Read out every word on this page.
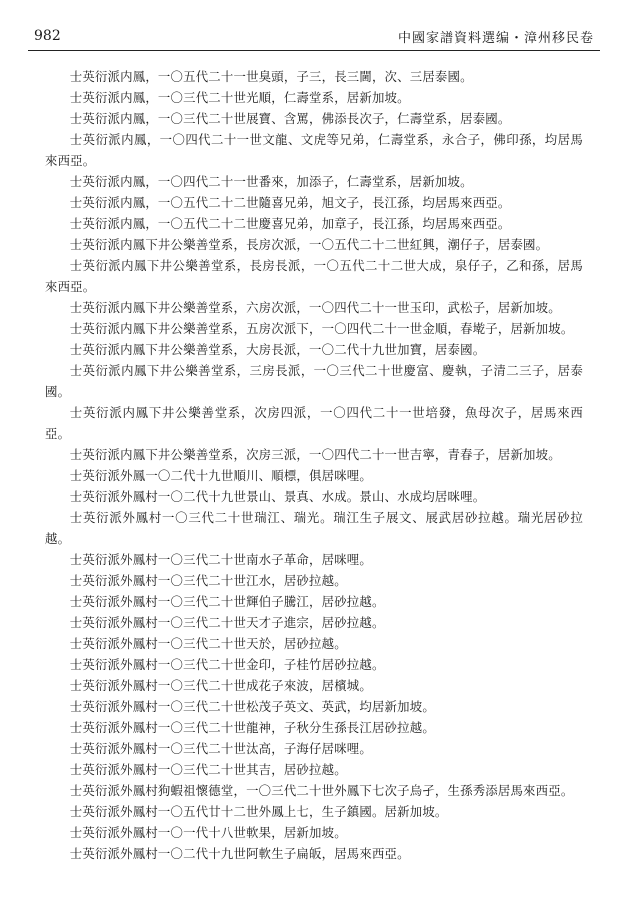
982	中國家譜資料選编・漳州移民卷

士英衍派内鳳，一〇五代二十一世臭頭，子三，長三閫，次、三居泰國。

士英衍派内鳳，一〇三代二十世光順，仁壽堂系，居新加坡。

士英衍派内鳳，一〇三代二十世展寶、含罵，佛添長次子，仁壽堂系，居泰國。

士英衍派内鳳，一〇四代二十一世文龍、文虎等兄弟，仁壽堂系，永合子，佛印孫，均居馬來西亞。

士英衍派内鳳，一〇四代二十一世番來，加添子，仁壽堂系，居新加坡。

士英衍派内鳳，一〇五代二十二世隨喜兄弟，旭文子，長江孫，均居馬來西亞。

士英衍派内鳳，一〇五代二十二世慶喜兄弟，加章子，長江孫，均居馬來西亞。

士英衍派内鳳下井公樂善堂系，長房次派，一〇五代二十二世紅興，潮仔子，居泰國。

士英衍派内鳳下井公樂善堂系，長房長派，一〇五代二十二世大成，泉仔子，乙和孫，居馬來西亞。

士英衍派内鳳下井公樂善堂系，六房次派，一〇四代二十一世玉印，武松子，居新加坡。

士英衍派内鳳下井公樂善堂系，五房次派下，一〇四代二十一世金順，春墘子，居新加坡。

士英衍派内鳳下井公樂善堂系，大房長派，一〇二代十九世加寶，居泰國。

士英衍派内鳳下井公樂善堂系，三房長派，一〇三代二十世慶富、慶執，子清二三子，居泰國。

士英衍派内鳳下井公樂善堂系，次房四派，一〇四代二十一世培發，魚母次子，居馬來西亞。

士英衍派内鳳下井公樂善堂系，次房三派，一〇四代二十一世吉寧，青春子，居新加坡。

士英衍派外鳳一〇二代十九世順川、順標，俱居咪哩。

士英衍派外鳳村一〇二代十九世景山、景真、水成。景山、水成均居咪哩。

士英衍派外鳳村一〇三代二十世瑞江、瑞光。瑞江生子展文、展武居砂拉越。瑞光居砂拉越。

士英衍派外鳳村一〇三代二十世南水子革命，居咪哩。

士英衍派外鳳村一〇三代二十世江水，居砂拉越。

士英衍派外鳳村一〇三代二十世輝伯子騰江，居砂拉越。

士英衍派外鳳村一〇三代二十世天才子進宗，居砂拉越。

士英衍派外鳳村一〇三代二十世天於，居砂拉越。

士英衍派外鳳村一〇三代二十世金印，子桂竹居砂拉越。

士英衍派外鳳村一〇三代二十世成花子來波，居檳城。

士英衍派外鳳村一〇三代二十世松茂子英文、英武，均居新加坡。

士英衍派外鳳村一〇三代二十世龍神，子秋分生孫長江居砂拉越。

士英衍派外鳳村一〇三代二十世汰高，子海仔居咪哩。

士英衍派外鳳村一〇三代二十世其吉，居砂拉越。

士英衍派外鳳村狗蝦祖懷德堂，一〇三代二十世外鳳下七次子烏孑，生孫秀添居馬來西亞。

士英衍派外鳳村一〇五代廿十二世外鳳上七，生子鎮國。居新加坡。

士英衍派外鳳村一〇一代十八世軟果，居新加坡。

士英衍派外鳳村一〇二代十九世阿軟生子扁皈，居馬來西亞。
